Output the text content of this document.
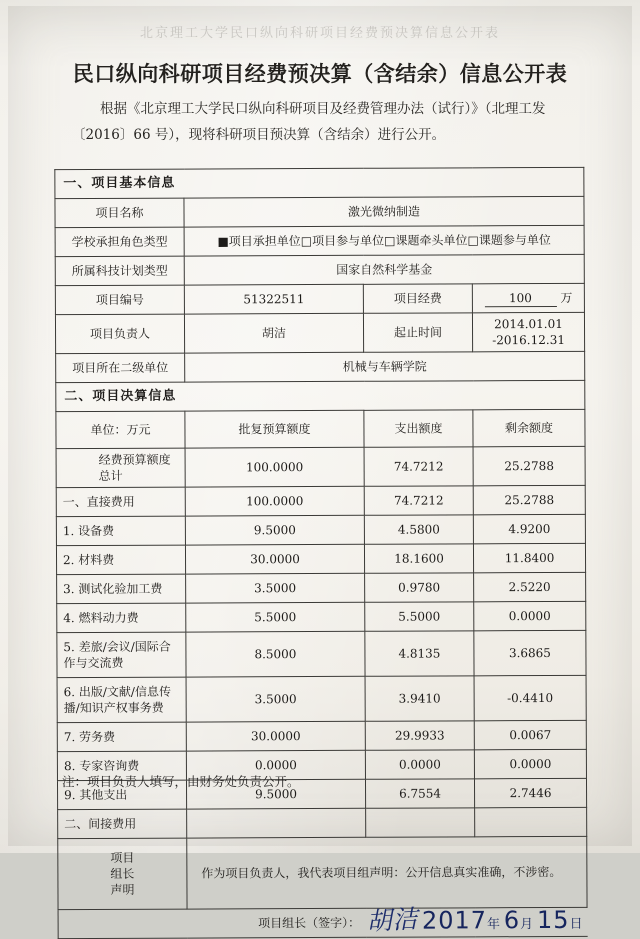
北京理工大学民口纵向科研项目经费预决算信息公开表
民口纵向科研项目经费预决算（含结余）信息公开表
根据《北京理工大学民口纵向科研项目及经费管理办法（试行）》（北理工发
〔2016〕66 号），现将科研项目预决算（含结余）进行公开。
一、项目基本信息			
项目名称	激光微纳制造		
学校承担角色类型	■项目承担单位□项目参与单位□课题牵头单位□课题参与单位		
所属科技计划类型	国家自然科学基金		
项目编号	51322511	项目经费	100 万
项目负责人	胡洁	起止时间	2014.01.01 -2016.12.31
项目所在二级单位	机械与车辆学院		
二、项目决算信息			
单位：万元	批复预算额度	支出额度	剩余额度
经费预算额度总计	100.0000	74.7212	25.2788
一、直接费用	100.0000	74.7212	25.2788
1. 设备费	9.5000	4.5800	4.9200
2. 材料费	30.0000	18.1600	11.8400
3. 测试化验加工费	3.5000	0.9780	2.5220
4. 燃料动力费	5.5000	5.5000	0.0000
5. 差旅/会议/国际合作与交流费	8.5000	4.8135	3.6865
6. 出版/文献/信息传播/知识产权事务费	3.5000	3.9410	-0.4410
7. 劳务费	30.0000	29.9933	0.0067
8. 专家咨询费	0.0000	0.0000	0.0000
9. 其他支出	9.5000	6.7554	2.7446
二、间接费用			

项目
组长
声明	作为项目负责人，我代表项目组声明：公开信息真实准确，不涉密。		
项目组长（签字）：		胡洁 2017年 6月 15日	
注：项目负责人填写，由财务处负责公开。
